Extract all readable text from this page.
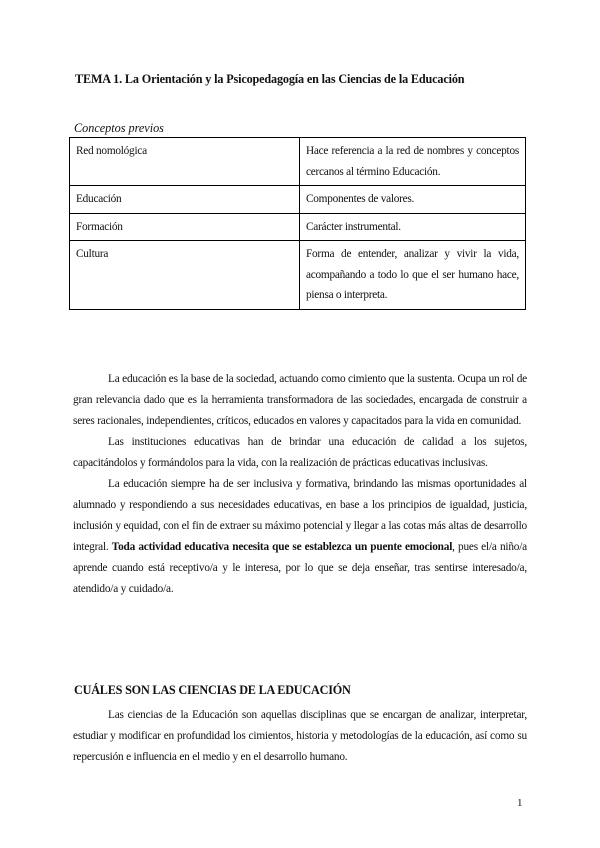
TEMA 1. La Orientación y la Psicopedagogía en las Ciencias de la Educación
Conceptos previos
Red nomológica	Hace referencia a la red de nombres y conceptos cercanos al término Educación.
Educación	Componentes de valores.
Formación	Carácter instrumental.
Cultura	Forma de entender, analizar y vivir la vida, acompañando a todo lo que el ser humano hace, piensa o interpreta.

La educación es la base de la sociedad, actuando como cimiento que la sustenta. Ocupa un rol de gran relevancia dado que es la herramienta transformadora de las sociedades, encargada de construir a seres racionales, independientes, críticos, educados en valores y capacitados para la vida en comunidad.

Las instituciones educativas han de brindar una educación de calidad a los sujetos, capacitándolos y formándolos para la vida, con la realización de prácticas educativas inclusivas.

La educación siempre ha de ser inclusiva y formativa, brindando las mismas oportunidades al alumnado y respondiendo a sus necesidades educativas, en base a los principios de igualdad, justicia, inclusión y equidad, con el fin de extraer su máximo potencial y llegar a las cotas más altas de desarrollo integral. Toda actividad educativa necesita que se establezca un puente emocional, pues el/a niño/a aprende cuando está receptivo/a y le interesa, por lo que se deja enseñar, tras sentirse interesado/a, atendido/a y cuidado/a.

CUÁLES SON LAS CIENCIAS DE LA EDUCACIÓN

Las ciencias de la Educación son aquellas disciplinas que se encargan de analizar, interpretar, estudiar y modificar en profundidad los cimientos, historia y metodologías de la educación, así como su repercusión e influencia en el medio y en el desarrollo humano.

1
